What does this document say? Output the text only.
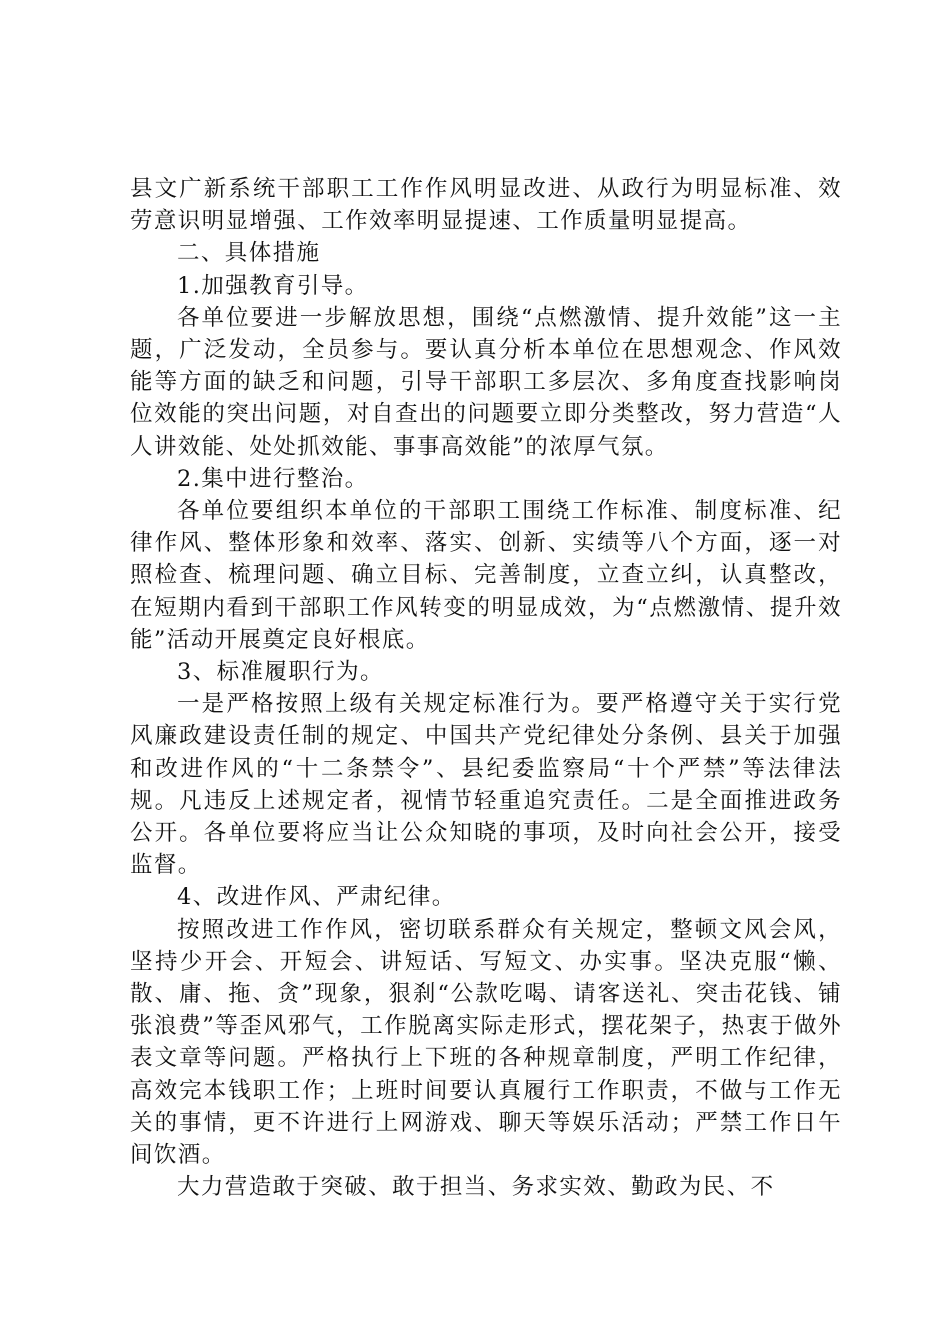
县文广新系统干部职工工作作风明显改进、从政行为明显标准、效劳意识明显增强、工作效率明显提速、工作质量明显提高。

二、具体措施

1.加强教育引导。

各单位要进一步解放思想，围绕“点燃激情、提升效能”这一主题，广泛发动，全员参与。要认真分析本单位在思想观念、作风效能等方面的缺乏和问题，引导干部职工多层次、多角度查找影响岗位效能的突出问题，对自查出的问题要立即分类整改，努力营造“人人讲效能、处处抓效能、事事高效能”的浓厚气氛。

2.集中进行整治。

各单位要组织本单位的干部职工围绕工作标准、制度标准、纪律作风、整体形象和效率、落实、创新、实绩等八个方面，逐一对照检查、梳理问题、确立目标、完善制度，立查立纠，认真整改，在短期内看到干部职工作风转变的明显成效，为“点燃激情、提升效能”活动开展奠定良好根底。

3、标准履职行为。

一是严格按照上级有关规定标准行为。要严格遵守关于实行党风廉政建设责任制的规定、中国共产党纪律处分条例、县关于加强和改进作风的“十二条禁令”、县纪委监察局“十个严禁”等法律法规。凡违反上述规定者，视情节轻重追究责任。二是全面推进政务公开。各单位要将应当让公众知晓的事项，及时向社会公开，接受监督。

4、改进作风、严肃纪律。

按照改进工作作风，密切联系群众有关规定，整顿文风会风，坚持少开会、开短会、讲短话、写短文、办实事。坚决克服“懒、散、庸、拖、贪”现象，狠刹“公款吃喝、请客送礼、突击花钱、铺张浪费”等歪风邪气，工作脱离实际走形式，摆花架子，热衷于做外表文章等问题。严格执行上下班的各种规章制度，严明工作纪律，高效完本钱职工作；上班时间要认真履行工作职责，不做与工作无关的事情，更不许进行上网游戏、聊天等娱乐活动；严禁工作日午间饮酒。

大力营造敢于突破、敢于担当、务求实效、勤政为民、不
